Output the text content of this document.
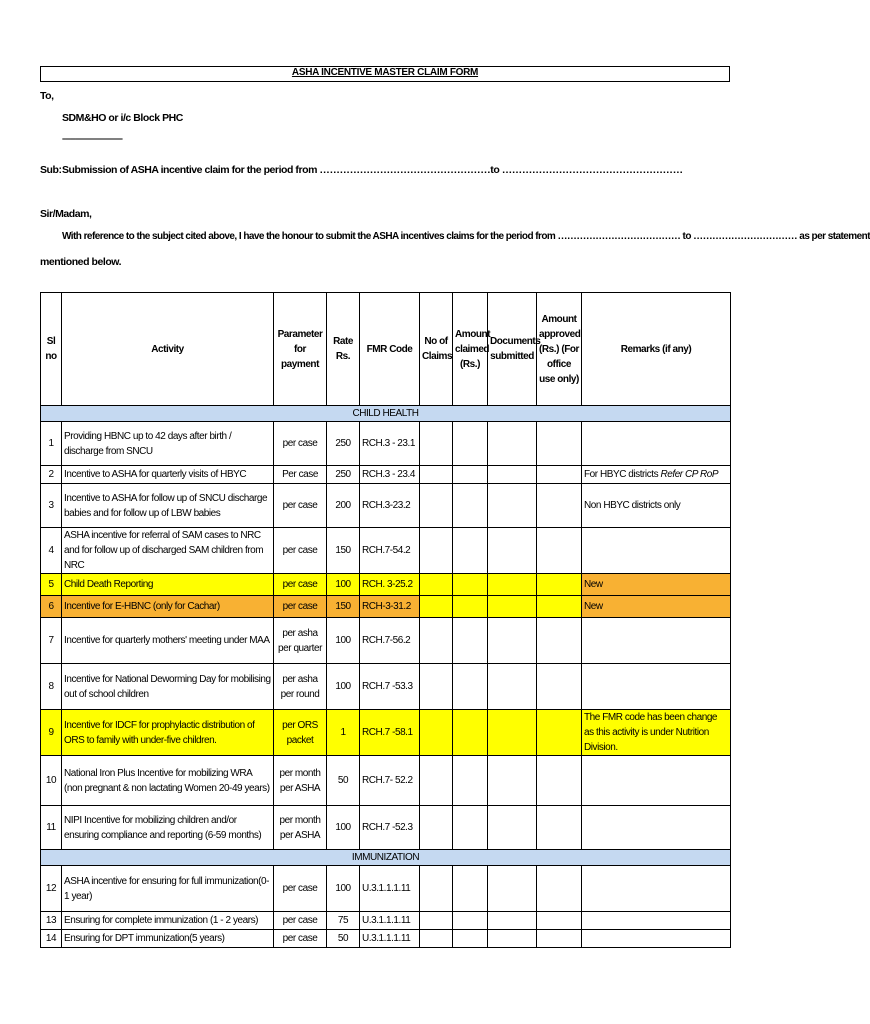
ASHA INCENTIVE MASTER CLAIM FORM
To,
SDM&HO or i/c Block PHC
------------------------------------
Sub: Submission of ASHA incentive claim for the period from ……………………………………………to ………………………………………………
Sir/Madam,
With reference to the subject cited above, I have the honour to submit the ASHA incentives claims for the period from ………………………………… to …………………………… as per statement
mentioned below.
Sl no	Activity	Parameter for payment	Rate Rs.	FMR Code	No of Claims	Amount claimed (Rs.)	Documents submitted	Amount approved (Rs.) (For office use only)	Remarks (if any)
CHILD HEALTH									
1	Providing HBNC up to 42 days after birth / discharge from SNCU	per case	250	RCH.3 - 23.1					
2	Incentive to ASHA for quarterly visits of HBYC	Per case	250	RCH.3 - 23.4					For HBYC districts Refer CP RoP
3	Incentive to ASHA for follow up of SNCU discharge babies and for follow up of LBW babies	per case	200	RCH.3-23.2					Non HBYC districts only
4	ASHA incentive for referral of SAM cases to NRC and for follow up of discharged SAM children from NRC	per case	150	RCH.7-54.2					
5	Child Death Reporting	per case	100	RCH. 3-25.2					New
6	Incentive for E-HBNC (only for Cachar)	per case	150	RCH-3-31.2					New
7	Incentive for quarterly mothers' meeting under MAA	per asha per quarter	100	RCH.7-56.2					
8	Incentive for National Deworming Day for mobilising out of school children	per asha per round	100	RCH.7 -53.3					
9	Incentive for IDCF for prophylactic distribution of ORS to family with under-five children.	per ORS packet	1	RCH.7 -58.1					The FMR code has been change as this activity is under Nutrition Division.
10	National Iron Plus Incentive for mobilizing WRA (non pregnant & non lactating Women 20-49 years)	per month per ASHA	50	RCH.7- 52.2					
11	NIPI Incentive for mobilizing children and/or ensuring compliance and reporting (6-59 months)	per month per ASHA	100	RCH.7 -52.3					
IMMUNIZATION									
12	ASHA incentive for ensuring for full immunization(0-1 year)	per case	100	U.3.1.1.1.11					
13	Ensuring for complete immunization (1 - 2 years)	per case	75	U.3.1.1.1.11					
14	Ensuring for DPT immunization(5 years)	per case	50	U.3.1.1.1.11					
